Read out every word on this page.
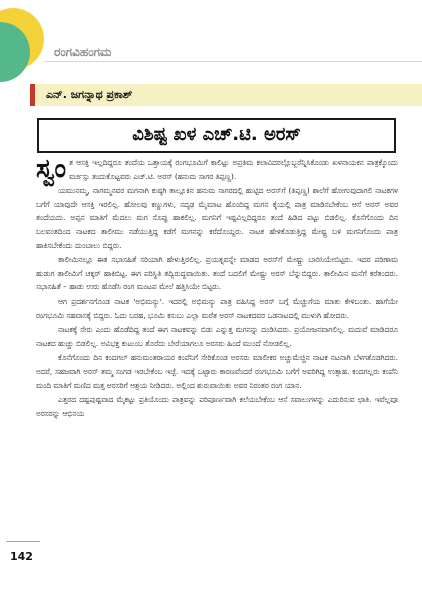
ರಂಗವಿಹಂಗಮ
ಎನ್. ಜಗನ್ನಾಥ ಪ್ರಕಾಶ್
ವಿಶಿಷ್ಟ ಖಳ ಎಚ್.ಟಿ. ಅರಸ್

ಸ್ವಂ ತ ಆಸಕ್ತಿ ಇಲ್ಲದಿದ್ದರೂ ತಂದೆಯ ಒತ್ತಾಯಕ್ಕೆ ರಂಗಭೂಮಿಗೆ ಕಾಲಿಟ್ಟು ಅಪ್ರತಿಮ ಕಲಾವಿದರಲ್ಲೊಬ್ಬರೆನ್ನಿಸಿಕೊಂಡು ಖಳನಾಯಕನ ಪಾತ್ರಕ್ಕೊಂದು ವರ್ಚಸ್ಸು ತಂದುಕೊಟ್ಟವರು ಎಚ್.ಟಿ. ಅರಸ್ (ಹನುಮ ಸಾಗರ ತಿಪ್ಪಣ್ಣ).

ಯಮುನಮ್ಮ, ನಾಗಮ್ಮನವರ ಮಗನಾಗಿ ಕುಷ್ಠಗಿ ತಾಲ್ಲೂಕಿನ ಹನುಮ ಸಾಗರದಲ್ಲಿ ಹುಟ್ಟಿದ ಅರಸ್‌ಗೆ (ತಿಪ್ಪಣ್ಣ) ಶಾಲೆಗೆ ಹೋಗುವುದಾಗಲಿ ನಾಟಕಗಳ ಬಗೆಗೆ ಯಾವುದೇ ಆಸಕ್ತಿ ಇರಲಿಲ್ಲ. ಹೋಲವು ಕಣ್ಣುಗಳು, ಸದೃಢ ಮೈಮಾಟ ಹೊಂದಿದ್ದ ಮಗನ ಕೈಯಲ್ಲಿ ಪಾತ್ರ ಮಾಡಿಸಬೇಕೆಂಬ ಆಸೆ ಅರಸ್ ಅವರ ತಂದೆಯದು. ಅಪ್ಪನ ಮಾತಿಗೆ ಮೆದಲು ಮಗ ಸೊಪ್ಪು ಹಾಕಲಿಲ್ಲ. ಮಗನಿಗೆ ಇಷ್ಟವಿಲ್ಲದಿದ್ದರೂ ತಂದೆ ಹಿಡಿದ ಪಟ್ಟು ಬಿಡಲಿಲ್ಲ. ಕೊನೆಗೊಂದು ದಿನ ಬಲವಂತದಿಂದ ನಾಟಕದ ತಾಲೀಮು ನಡೆಯುತ್ತಿದ್ದ ಕಡೆಗೆ ಮಗನನ್ನು ಕರೆದೊಯ್ದರು. ನಾಟಕ ಹೇಳಿಕೊಡುತ್ತಿದ್ದ ಮೇಷ್ಟ್ರ ಬಳಿ ಮಗನಿಗೊಂದು ಪಾತ್ರ ಹಾಕಿಸಬೇಕೆಂದು ದುಂಬಾಲು ಬಿದ್ದರು.

ತಾಲೀಮಿನಲ್ಲೂ ಈತ ಸಭಾಸಹಿತೆ ಸರಿಯಾಗಿ ಹೇಳುತ್ತಿರಲಿಲ್ಲ. ಪ್ರಯತ್ನವನ್ನೇ ಮಾಡದ ಅರಸ್‌ಗೆ ಮೇಷ್ಟ್ರು ಬಾರಿಸಿಯೇಬಿಟ್ಟರು. ಇದರ ಪರಿಣಾಮ ಹುಡುಗ ತಾಲೀಮಿಗೆ ಚಕ್ಕರ್ ಹಾಕಿಬಿಟ್ಟ. ಈಗ ಪರಿಸ್ಥಿತಿ ತದ್ವಿರುದ್ಧವಾಯಿತು. ತಂದೆ ಬದಲಿಗೆ ಮೇಷ್ಟ್ರು ಅರಸ್ ಬೆನ್ನುಬಿದ್ದರು. ತಾಲೀಮಿನ ಮನೆಗೆ ಕರೆತಂದರು. ಸಭಾಸಹಿತೆ – ಹಾಡು ಉರು ಹೊಡೆಸಿ ರಂಗ ಮಂಟಪ ಮೇಲೆ ಹತ್ತಿಸಿಯೇ ಬಿಟ್ಟರು.

ಆಗ ಪ್ರದರ್ಶನಗೊಂಡ ನಾಟಕ 'ಅಭಿಮನ್ಯು'. ಇದರಲ್ಲಿ ಅಭಿಮನ್ಯು ಪಾತ್ರ ವಹಿಸಿದ್ದ ಅರಸ್ ಬಗ್ಗೆ ಮೆಚ್ಚುಗೆಯ ಮಾತು ಕೇಳಿಬಂತು. ಹಾಗೆಯೇ ರಂಗಭೂಮಿ ಸಹವಾಸಕ್ಕೆ ಬಿದ್ದರು. ಓದು ಬರಹ, ಭೂಮಿ ಕಸುಬು ಎಲ್ಲಾ ಮರೆತ ಅರಸ್ ನಾಟಕದವರ ಒಡನಾಟದಲ್ಲಿ ಮುಳುಗಿ ಹೋದರು.

ನಾಟಕಕ್ಕೆ ಸೇರು ಎಂದು ಹೊಡೆದಿದ್ದ ತಂದೆ ಈಗ ನಾಟಕವನ್ನು ಬಿಡು ಎನ್ನುತ್ತ ಮಗನನ್ನು ದಂಡಿಸಿದರು. ಪ್ರಯೋಜನವಾಗಲಿಲ್ಲ. ಮದುವೆ ಮಾಡಿದರೂ ನಾಟಕದ ಹುಚ್ಚು ಬಿಡಲಿಲ್ಲ. ಅವಿಭಕ್ತ ಕುಟುಂಬ ತೊರೆದು ಬೇರೆಯಾಗಲೂ ಅರಸರು ಹಿಂದೆ ಮುಂದೆ ನೋಡಲಿಲ್ಲ.

ಕೊನೆಗೊಂದು ದಿನ ಕಂದಗಲ್ ಹನುಮಂತರಾಯರ ಕಂಪೆನಿಗೆ ಸೇರಿಕೊಂಡ ಅರಸರು ಮಾಲೀಕರ ಅಚ್ಚುಮೆಚ್ಚಿನ ನಾಟಕ ನಟನಾಗಿ ಬೆಳಗತೊಡಗಿದರು. ಅದರೆ, ಸಹಜವಾಗಿ ಅರಸ್ ತಮ್ಮ ಸಂಗಡ ಇರಬೇಕೆಂಬ ಇಚ್ಛೆ. ಇದಕ್ಕೆ ಒಟ್ಟಾರು ಕಾರಣವೆಂದರೆ ರಂಗಭೂಮಿ ಬಗೆಗೆ ಅವರಿಗಿದ್ದ ಉತ್ಸಾಹ. ಕಂದಗಲ್ಲರು ಕಂಪೆನಿ ಮಂದಿ ಮಾತಿಗೆ ಮಣಿದ ಮತ್ತ ಅರಸರಿಗೆ ಆಶ್ರಯ ನೀಡಿದರು. ಅಲ್ಲಿಂದ ಶುರುವಾಯಿತು ಅವರ ನಿರಂತರ ರಂಗ ಯಾನ.

ಎತ್ತರದ ದಷ್ಟಪುಷ್ಟವಾದ ಮೈಕಟ್ಟು ಪ್ರತಿಯೊಂದು ಪಾತ್ರವನ್ನು ಪರಿಪೂರ್ಣವಾಗಿ ಕಲೆಯಬೇಕೆಂಬ ಆಸೆ ಸವಾಲುಗಳನ್ನು ಎದುರಿಸುವ ಛಾತಿ. ಇವೆಲ್ಲವೂ ಅರಸರನ್ನು ಆಭಿನಯ

142
